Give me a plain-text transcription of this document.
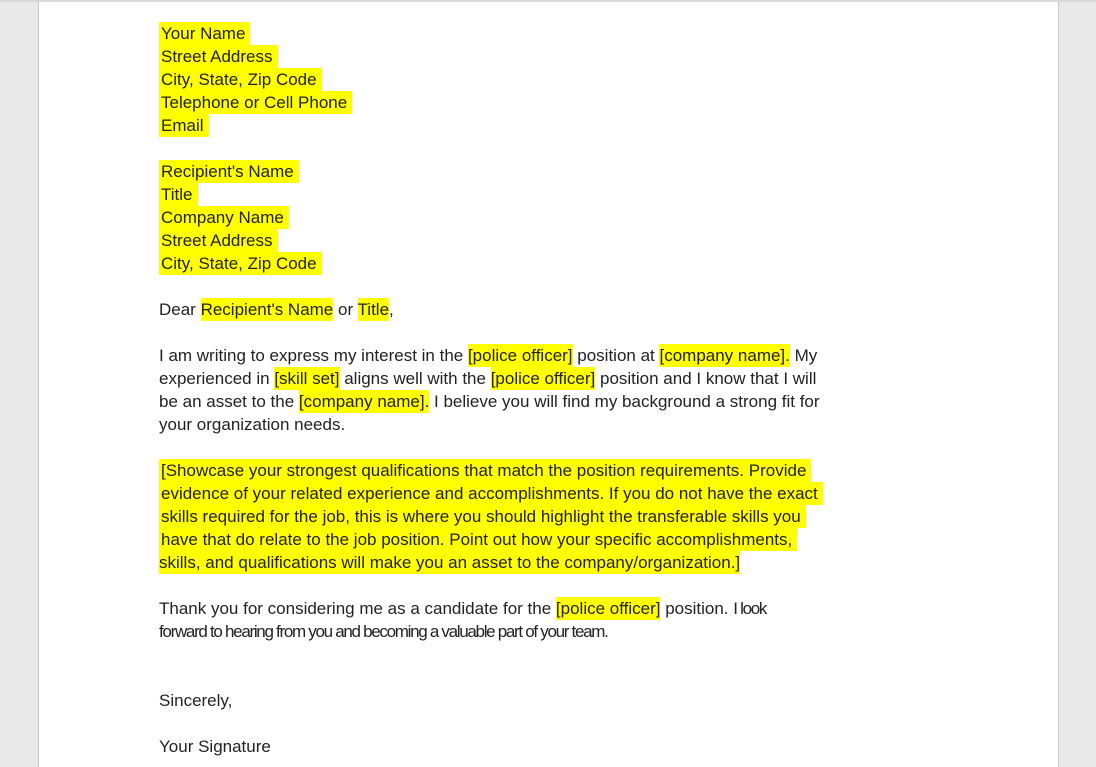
Your Name
Street Address
City, State, Zip Code
Telephone or Cell Phone
Email
Recipient's Name
Title
Company Name
Street Address
City, State, Zip Code
Dear Recipient's Name or Title,
I am writing to express my interest in the [police officer] position at [company name]. My
experienced in [skill set] aligns well with the [police officer] position and I know that I will
be an asset to the [company name]. I believe you will find my background a strong fit for
your organization needs.
[Showcase your strongest qualifications that match the position requirements. Provide
evidence of your related experience and accomplishments. If you do not have the exact
skills required for the job, this is where you should highlight the transferable skills you
have that do relate to the job position. Point out how your specific accomplishments,
skills, and qualifications will make you an asset to the company/organization.]
Thank you for considering me as a candidate for the [police officer] position. I look
forward to hearing from you and becoming a valuable part of your team.
Sincerely,
Your Signature
